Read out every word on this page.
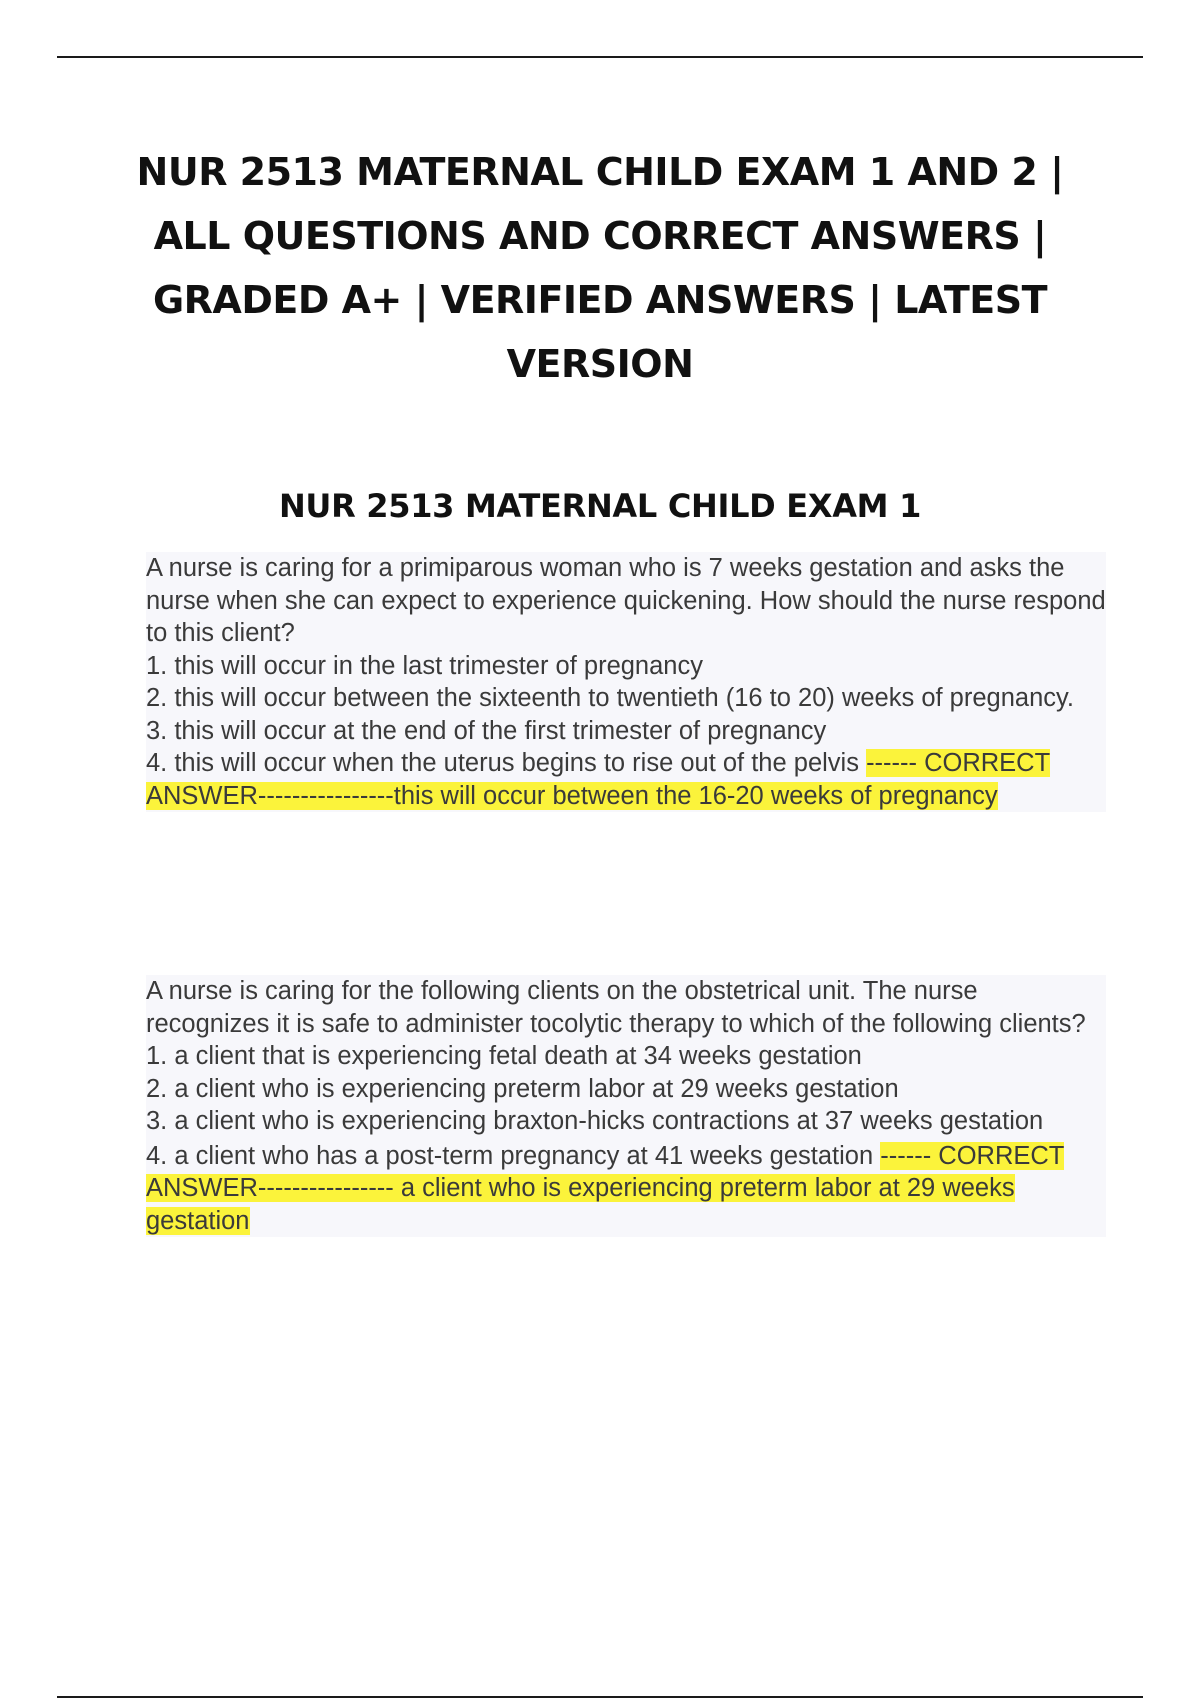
NUR 2513 MATERNAL CHILD EXAM 1 AND 2 |
ALL QUESTIONS AND CORRECT ANSWERS |
GRADED A+ | VERIFIED ANSWERS | LATEST
VERSION
NUR 2513 MATERNAL CHILD EXAM 1

A nurse is caring for a primiparous woman who is 7 weeks gestation and asks the nurse when she can expect to experience quickening. How should the nurse respond to this client?

1. this will occur in the last trimester of pregnancy

2. this will occur between the sixteenth to twentieth (16 to 20) weeks of pregnancy.

3. this will occur at the end of the first trimester of pregnancy

4. this will occur when the uterus begins to rise out of the pelvis ------ CORRECT ANSWER----------------this will occur between the 16-20 weeks of pregnancy

A nurse is caring for the following clients on the obstetrical unit. The nurse recognizes it is safe to administer tocolytic therapy to which of the following clients?

1. a client that is experiencing fetal death at 34 weeks gestation

2. a client who is experiencing preterm labor at 29 weeks gestation

3. a client who is experiencing braxton-hicks contractions at 37 weeks gestation

4. a client who has a post-term pregnancy at 41 weeks gestation ------ CORRECT ANSWER---------------- a client who is experiencing preterm labor at 29 weeks gestation
